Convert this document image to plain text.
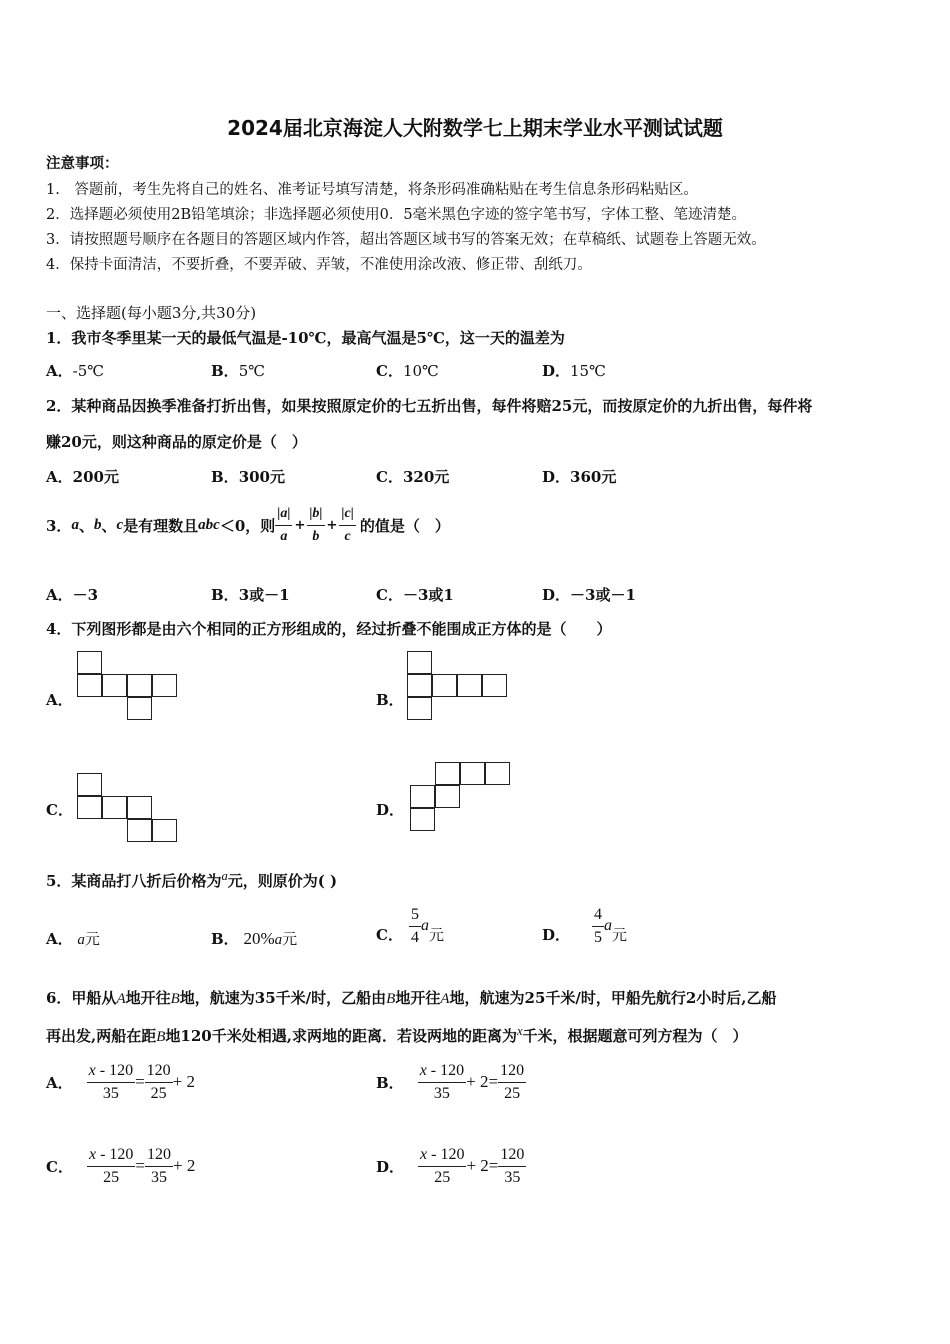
2024届北京海淀人大附数学七上期末学业水平测试试题
注意事项：
1.　答题前，考生先将自己的姓名、准考证号填写清楚，将条形码准确粘贴在考生信息条形码粘贴区。
2．选择题必须使用2B铅笔填涂；非选择题必须使用0．5毫米黑色字迹的签字笔书写，字体工整、笔迹清楚。
3．请按照题号顺序在各题目的答题区域内作答，超出答题区域书写的答案无效；在草稿纸、试题卷上答题无效。
4．保持卡面清洁，不要折叠，不要弄破、弄皱，不准使用涂改液、修正带、刮纸刀。
一、选择题(每小题3分,共30分)
1．我市冬季里某一天的最低气温是-10℃，最高气温是5℃，这一天的温差为
A．-5℃	B．5℃	C．10℃	D．15℃
2．某种商品因换季准备打折出售，如果按照原定价的七五折出售，每件将赔25元，而按原定价的九折出售，每件将
赚20元，则这种商品的原定价是（　）
A．200元	B．300元	C．320元	D．360元
3． a 、 b 、 c 是有理数且 abc ＜0，则 $\frac{|a|}{a} + \frac{|b|}{b} + \frac{|c|}{c}$ 的值是（　）
A．－3	B．3或－1	C．－3或1	D．－3或－1
4．下列图形都是由六个相同的正方形组成的，经过折叠不能围成正方体的是（　　）
A．	B．
C．	D．
5．某商品打八折后价格为$^a$元，则原价为( )
A． a元	B． 20%a元	C． $\frac{5}{4}$ a 元	D． $\frac{4}{5}$ a 元
6．甲船从A地开往B地，航速为35千米/时，乙船由B地开往A地，航速为25千米/时，甲船先航行2小时后,乙船
再出发,两船在距B地120千米处相遇,求两地的距离．若设两地的距离为$^x$千米，根据题意可列方程为（　）
A． $\frac{x - 120}{35} = \frac{120}{25} + 2$	B． $\frac{x - 120}{35} + 2 = \frac{120}{25}$
C． $\frac{x - 120}{25} = \frac{120}{35} + 2$	D． $\frac{x - 120}{25} + 2 = \frac{120}{35}$
